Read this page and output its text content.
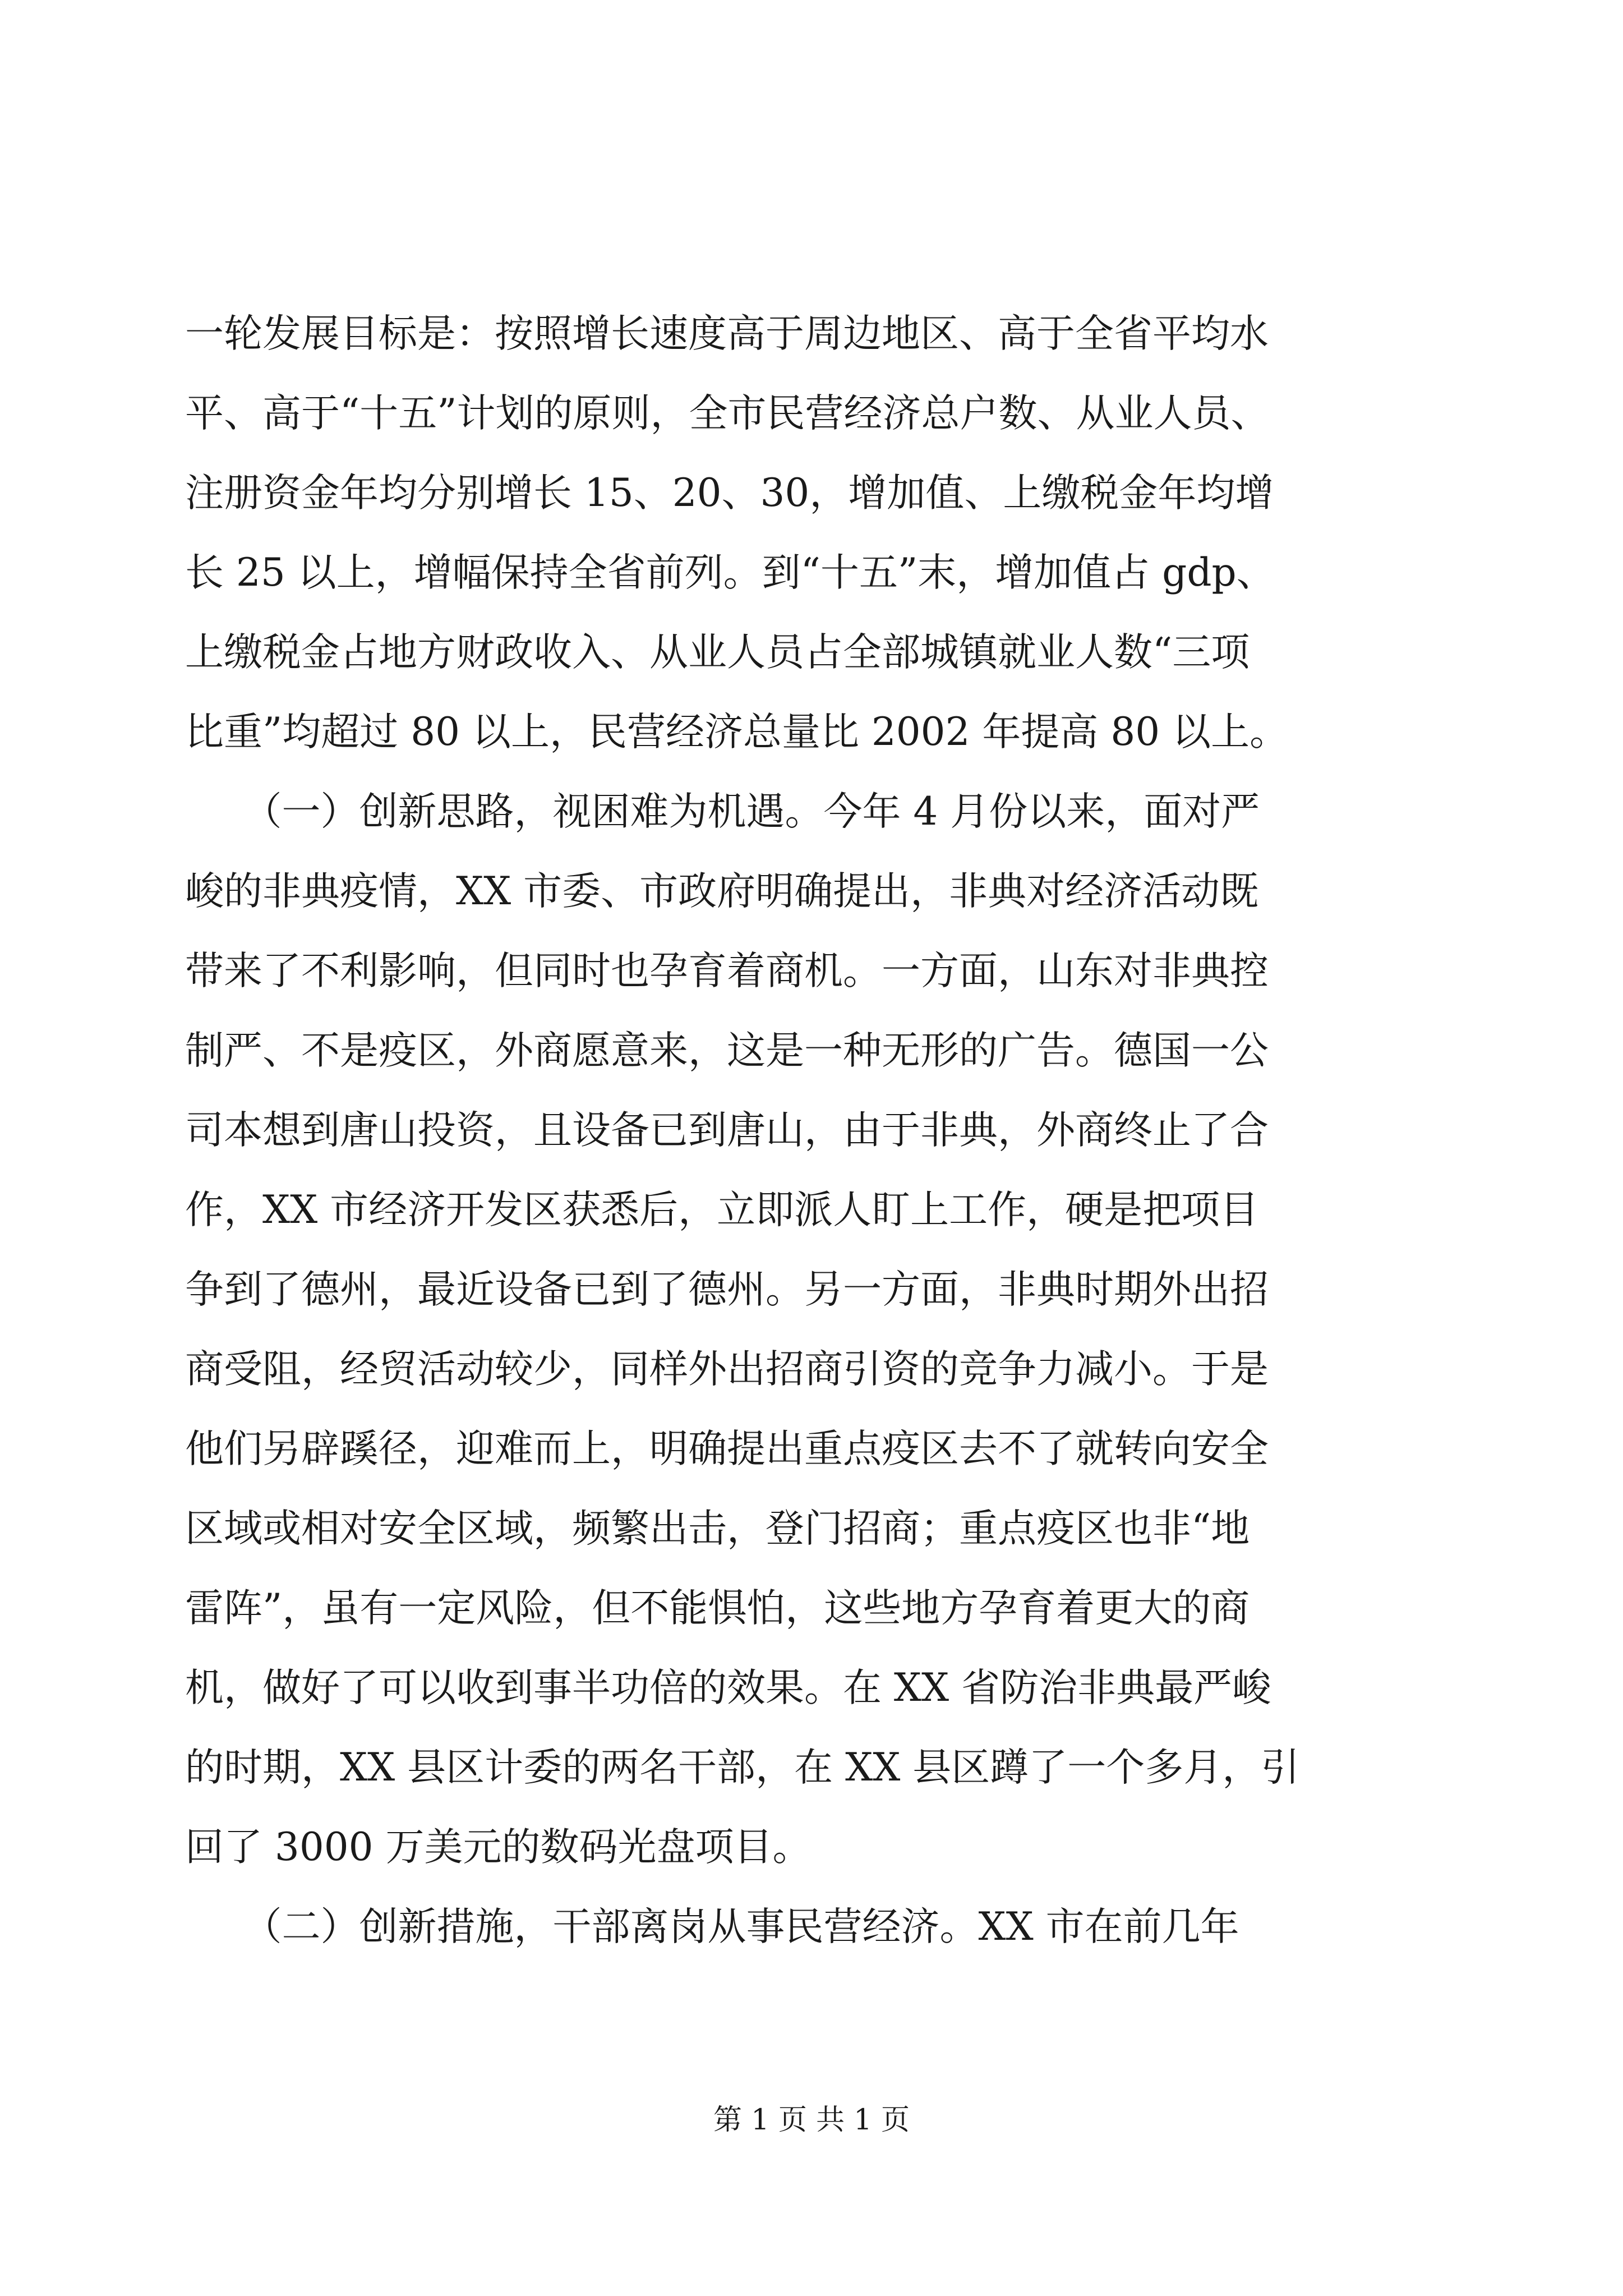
一轮发展目标是：按照增长速度高于周边地区、高于全省平均水
平、高于“十五”计划的原则，全市民营经济总户数、从业人员、
注册资金年均分别增长 15、20、30，增加值、上缴税金年均增
长 25 以上，增幅保持全省前列。到“十五”末，增加值占 gdp、
上缴税金占地方财政收入、从业人员占全部城镇就业人数“三项
比重”均超过 80 以上，民营经济总量比 2002 年提高 80 以上。
　　（一）创新思路，视困难为机遇。今年 4 月份以来，面对严
峻的非典疫情，XX 市委、市政府明确提出，非典对经济活动既
带来了不利影响，但同时也孕育着商机。一方面，山东对非典控
制严、不是疫区，外商愿意来，这是一种无形的广告。德国一公
司本想到唐山投资，且设备已到唐山，由于非典，外商终止了合
作，XX 市经济开发区获悉后，立即派人盯上工作，硬是把项目
争到了德州，最近设备已到了德州。另一方面，非典时期外出招
商受阻，经贸活动较少，同样外出招商引资的竞争力减小。于是
他们另辟蹊径，迎难而上，明确提出重点疫区去不了就转向安全
区域或相对安全区域，频繁出击，登门招商；重点疫区也非“地
雷阵”，虽有一定风险，但不能惧怕，这些地方孕育着更大的商
机，做好了可以收到事半功倍的效果。在 XX 省防治非典最严峻
的时期，XX 县区计委的两名干部，在 XX 县区蹲了一个多月，引
回了 3000 万美元的数码光盘项目。
　　（二）创新措施，干部离岗从事民营经济。XX 市在前几年
第 1 页 共 1 页
